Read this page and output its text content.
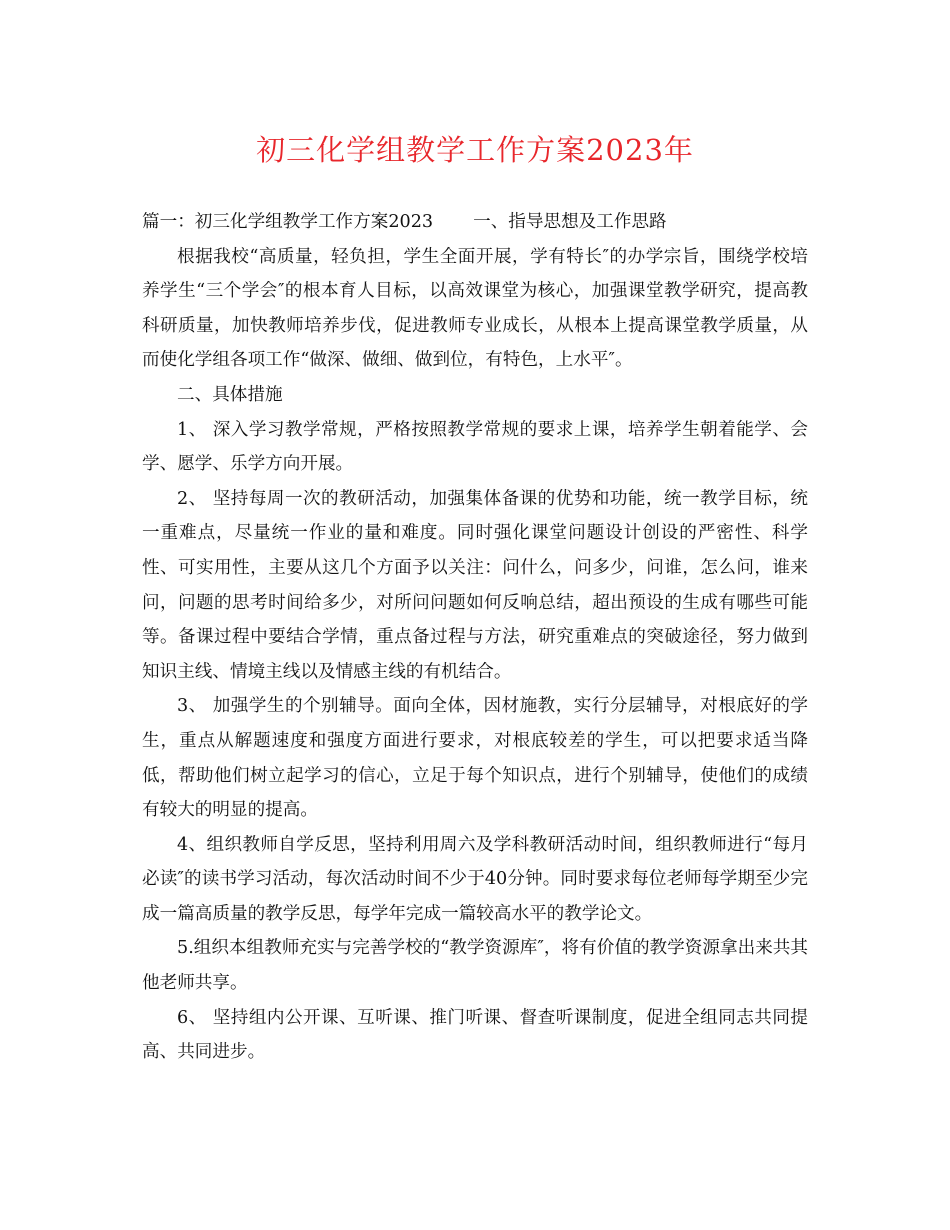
初三化学组教学工作方案2023年

篇一：初三化学组教学工作方案2023 一、指导思想及工作思路

根据我校“高质量，轻负担，学生全面开展，学有特长″的办学宗旨，围绕学校培养学生“三个学会″的根本育人目标，以高效课堂为核心，加强课堂教学研究，提高教科研质量，加快教师培养步伐，促进教师专业成长，从根本上提高课堂教学质量，从而使化学组各项工作“做深、做细、做到位，有特色，上水平″。

二、具体措施

1、 深入学习教学常规，严格按照教学常规的要求上课，培养学生朝着能学、会学、愿学、乐学方向开展。

2、 坚持每周一次的教研活动，加强集体备课的优势和功能，统一教学目标，统一重难点，尽量统一作业的量和难度。同时强化课堂问题设计创设的严密性、科学性、可实用性，主要从这几个方面予以关注：问什么，问多少，问谁，怎么问，谁来问，问题的思考时间给多少，对所问问题如何反响总结，超出预设的生成有哪些可能等。备课过程中要结合学情，重点备过程与方法，研究重难点的突破途径，努力做到知识主线、情境主线以及情感主线的有机结合。

3、 加强学生的个别辅导。面向全体，因材施教，实行分层辅导，对根底好的学生，重点从解题速度和强度方面进行要求，对根底较差的学生，可以把要求适当降低，帮助他们树立起学习的信心，立足于每个知识点，进行个别辅导，使他们的成绩有较大的明显的提高。

4、组织教师自学反思，坚持利用周六及学科教研活动时间，组织教师进行“每月必读″的读书学习活动，每次活动时间不少于40分钟。同时要求每位老师每学期至少完成一篇高质量的教学反思，每学年完成一篇较高水平的教学论文。

5.组织本组教师充实与完善学校的“教学资源库″，将有价值的教学资源拿出来共其他老师共享。

6、 坚持组内公开课、互听课、推门听课、督查听课制度，促进全组同志共同提高、共同进步。
